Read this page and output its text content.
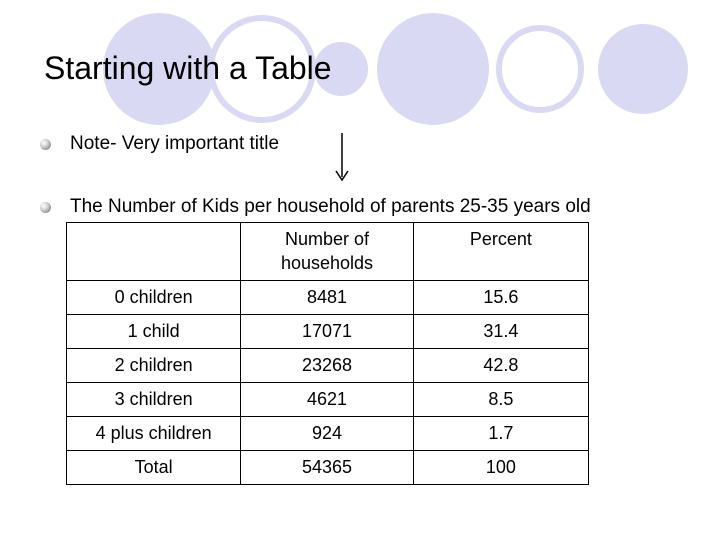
Starting with a Table
Note- Very important title
The Number of Kids per household of parents 25-35 years old
	Number of households	Percent
0 children	8481	15.6
1 child	17071	31.4
2 children	23268	42.8
3 children	4621	8.5
4 plus children	924	1.7
Total	54365	100
